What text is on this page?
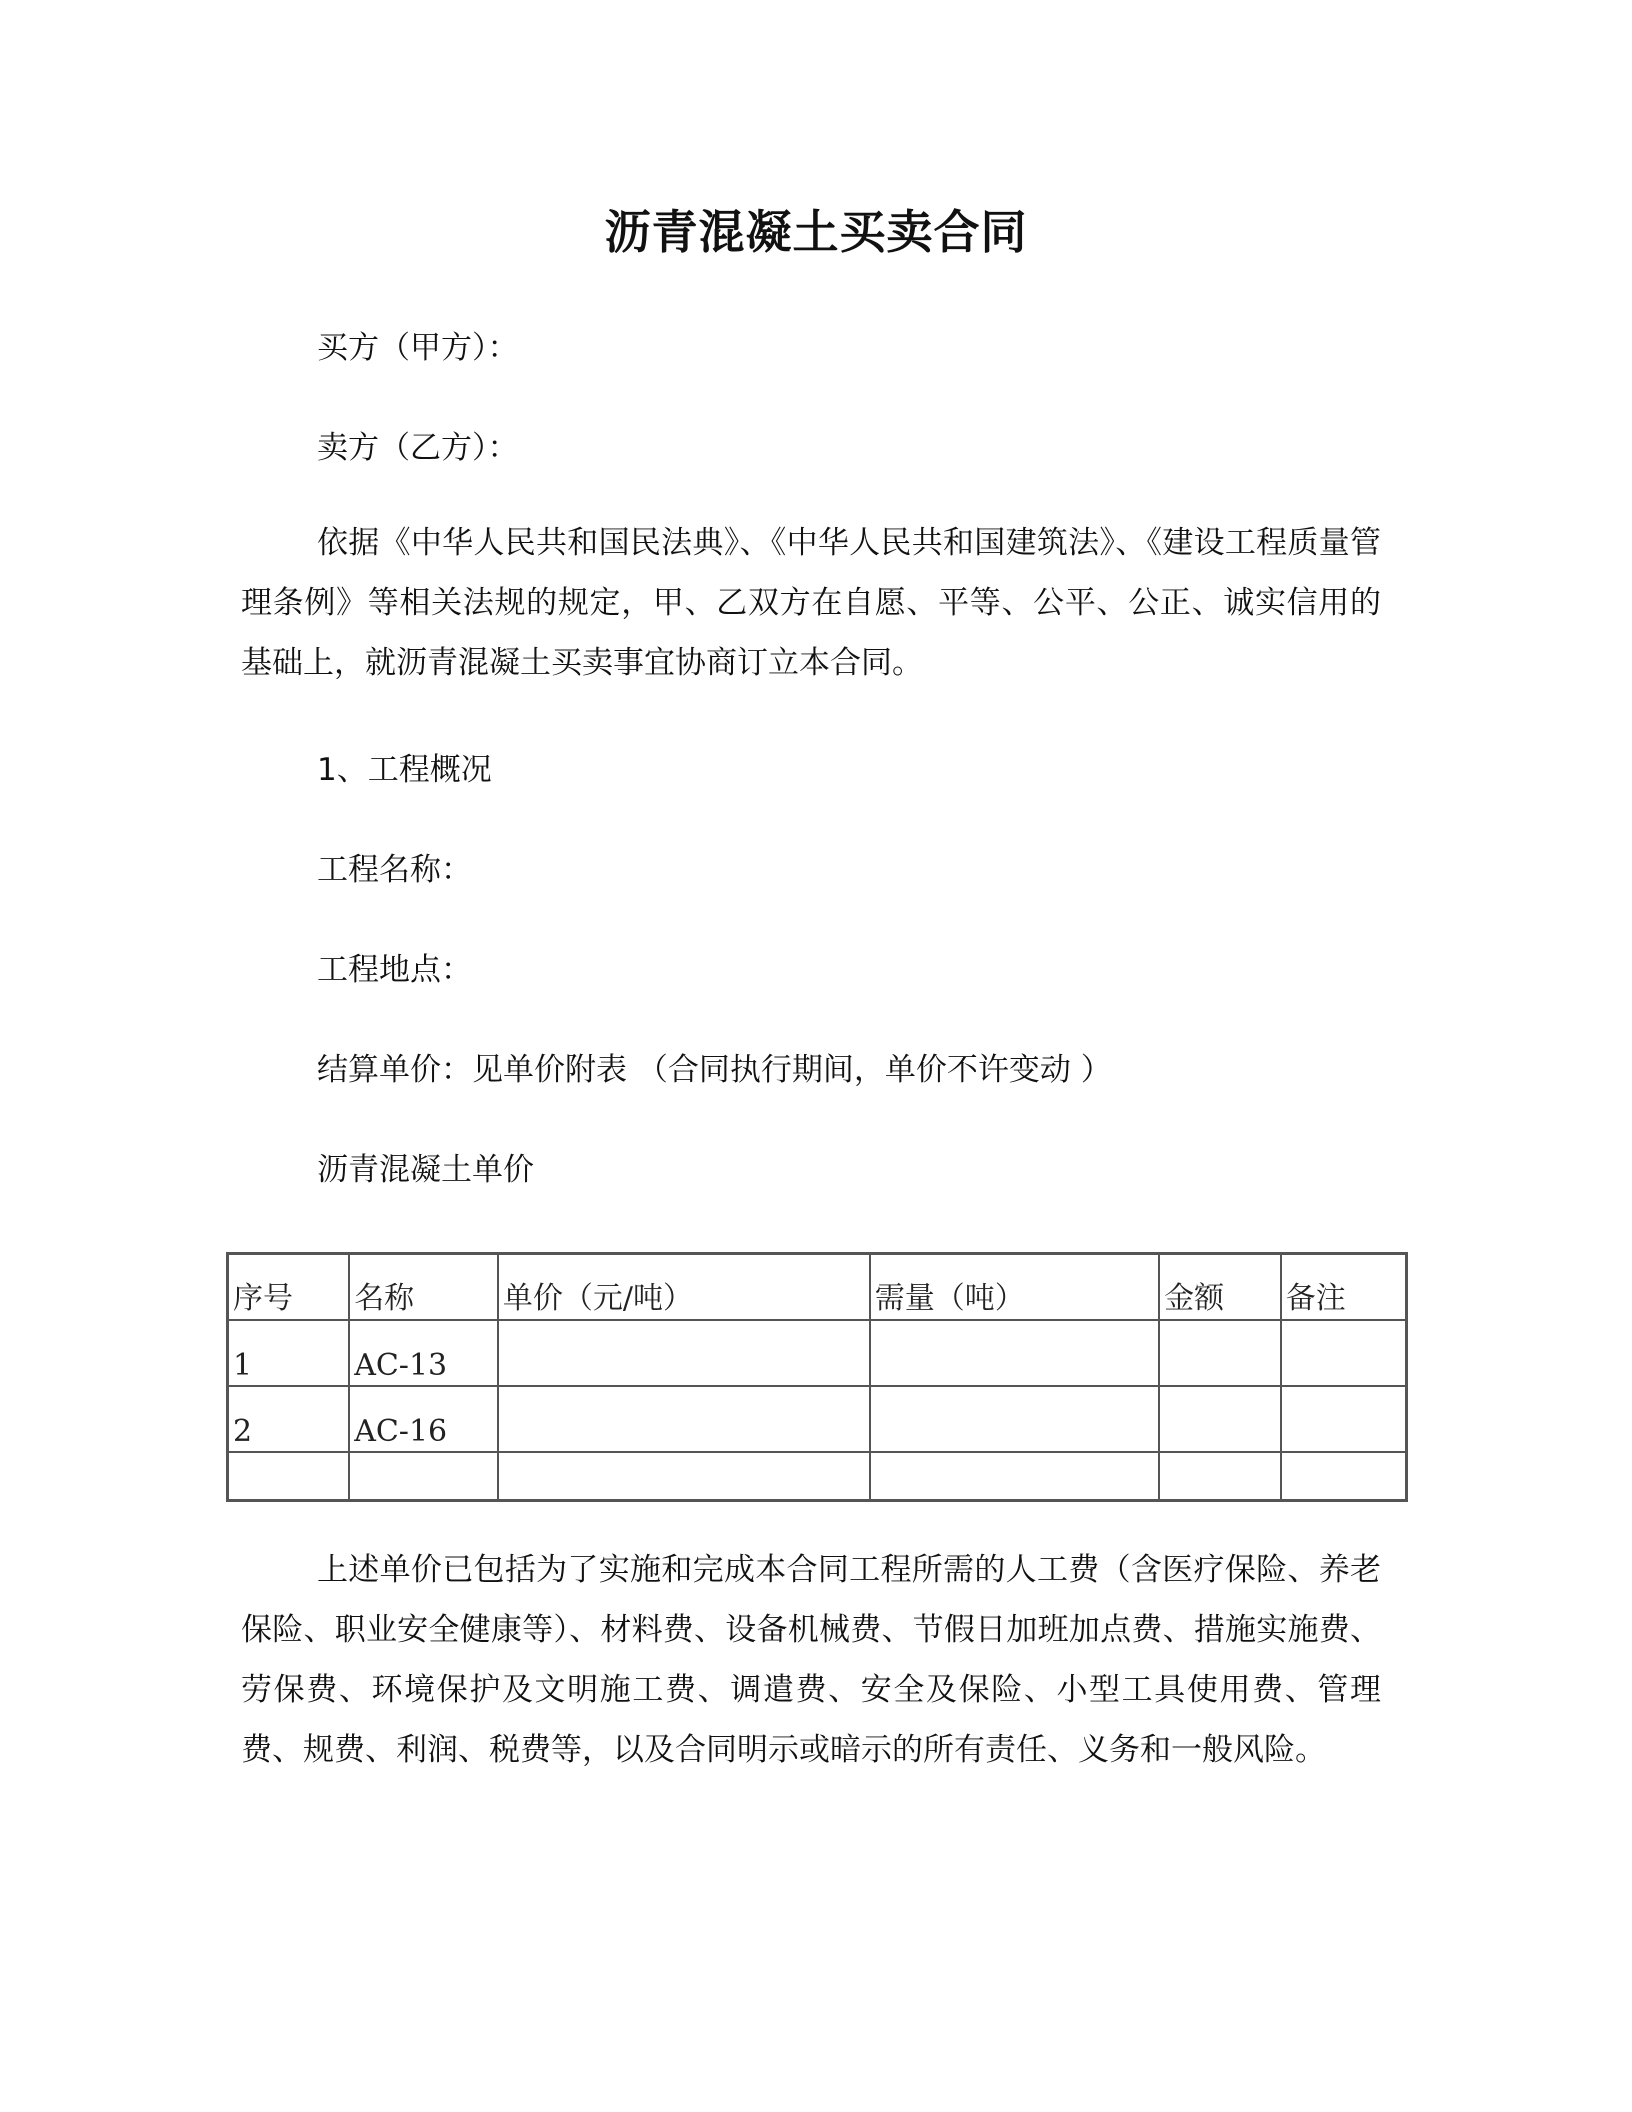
沥青混凝土买卖合同
买方（甲方）：
卖方（乙方）：
依据《中华人民共和国民法典》、《中华人民共和国建筑法》、《建设工程质量管理条例》等相关法规的规定，甲、乙双方在自愿、平等、公平、公正、诚实信用的基础上，就沥青混凝土买卖事宜协商订立本合同。
1、工程概况
工程名称：
工程地点：
结算单价：见单价附表 （合同执行期间，单价不许变动 ）
沥青混凝土单价
序号	名称	单价（元/吨）	需量（吨）	金额	备注
1	AC-13				
2	AC-16				

上述单价已包括为了实施和完成本合同工程所需的人工费（含医疗保险、养老保险、职业安全健康等）、材料费、设备机械费、节假日加班加点费、措施实施费、劳保费、环境保护及文明施工费、调遣费、安全及保险、小型工具使用费、管理费、规费、利润、税费等，以及合同明示或暗示的所有责任、义务和一般风险。
